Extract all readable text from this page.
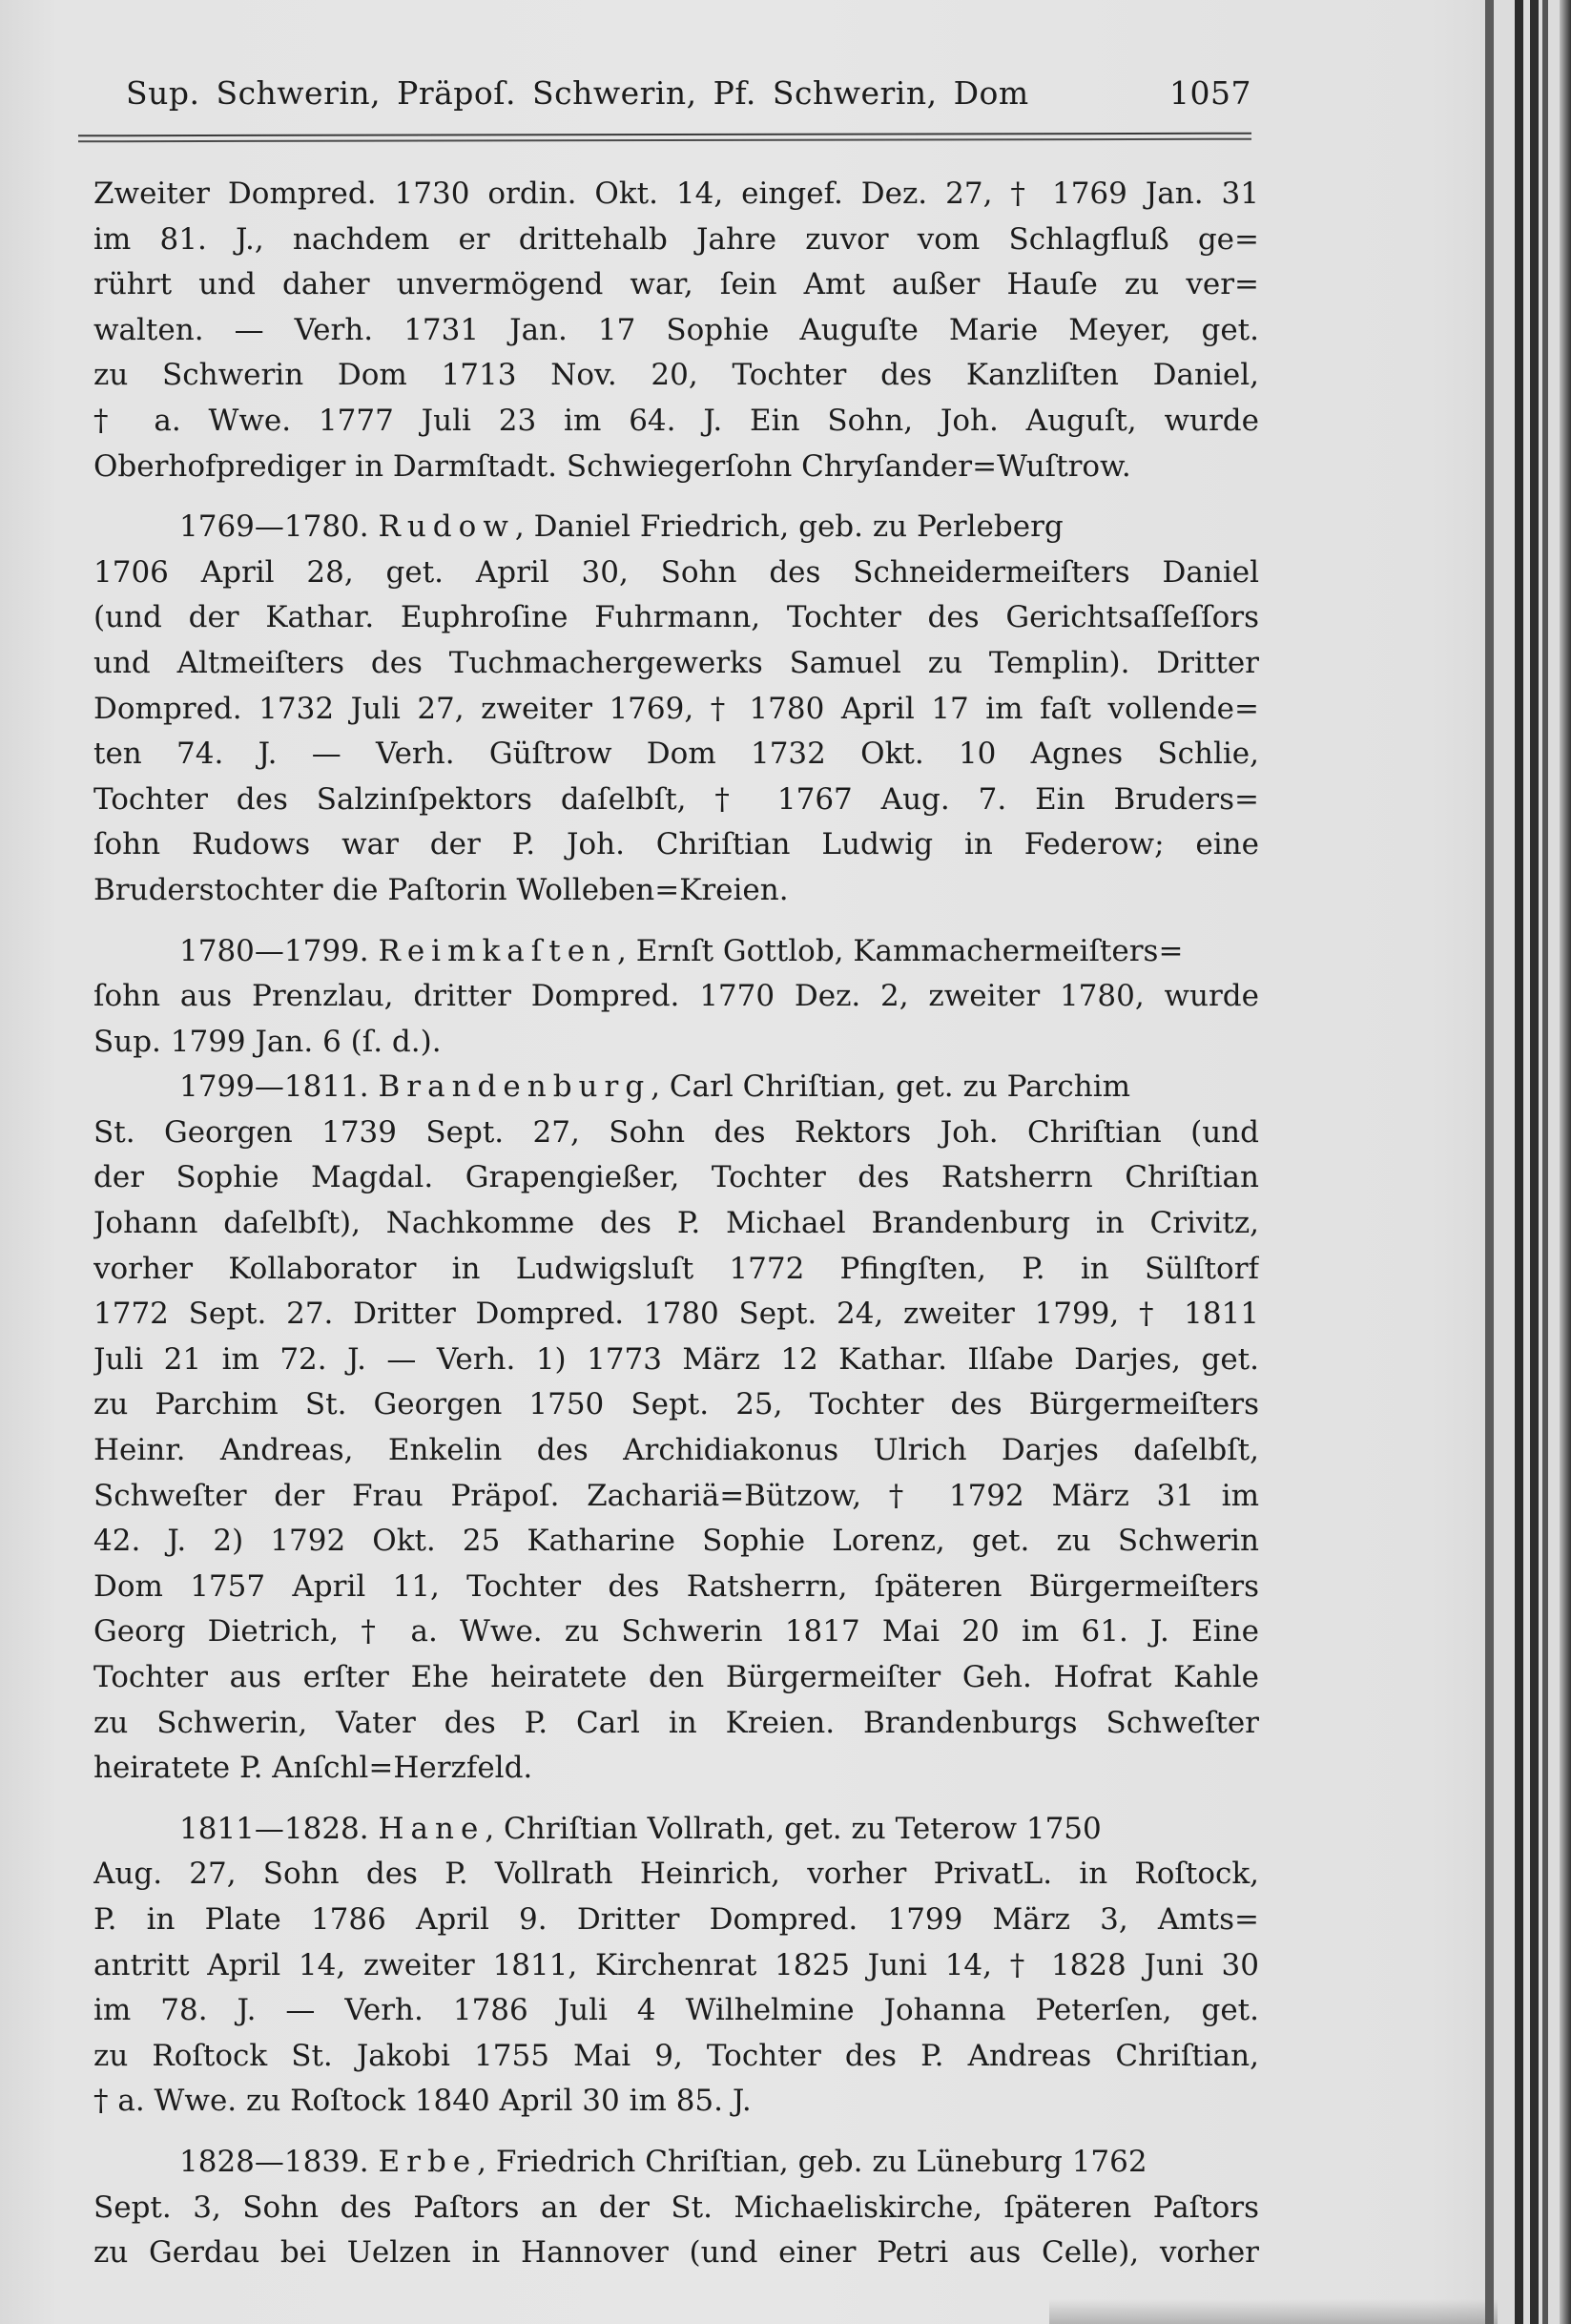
Sup. Schwerin, Präpoſ. Schwerin, Pf. Schwerin, Dom	1057
Zweiter Dompred. 1730 ordin. Okt. 14, eingef. Dez. 27, † 1769 Jan. 31
im 81. J., nachdem er drittehalb Jahre zuvor vom Schlagfluß ge=
rührt und daher unvermögend war, ſein Amt außer Hauſe zu ver=
walten. — Verh. 1731 Jan. 17 Sophie Auguſte Marie Meyer, get.
zu Schwerin Dom 1713 Nov. 20, Tochter des Kanzliſten Daniel,
† a. Wwe. 1777 Juli 23 im 64. J. Ein Sohn, Joh. Auguſt, wurde
Oberhofprediger in Darmſtadt. Schwiegerſohn Chryſander=Wuſtrow.
1769—1780. Rudow, Daniel Friedrich, geb. zu Perleberg
1706 April 28, get. April 30, Sohn des Schneidermeiſters Daniel
(und der Kathar. Euphroſine Fuhrmann, Tochter des Gerichtsaſſeſſors
und Altmeiſters des Tuchmachergewerks Samuel zu Templin). Dritter
Dompred. 1732 Juli 27, zweiter 1769, † 1780 April 17 im faſt vollende=
ten 74. J. — Verh. Güſtrow Dom 1732 Okt. 10 Agnes Schlie,
Tochter des Salzinſpektors daſelbſt, † 1767 Aug. 7. Ein Bruders=
ſohn Rudows war der P. Joh. Chriſtian Ludwig in Federow; eine
Bruderstochter die Paſtorin Wolleben=Kreien.
1780—1799. Reimkaſten, Ernſt Gottlob, Kammachermeiſters=
ſohn aus Prenzlau, dritter Dompred. 1770 Dez. 2, zweiter 1780, wurde
Sup. 1799 Jan. 6 (ſ. d.).
1799—1811. Brandenburg, Carl Chriſtian, get. zu Parchim
St. Georgen 1739 Sept. 27, Sohn des Rektors Joh. Chriſtian (und
der Sophie Magdal. Grapengießer, Tochter des Ratsherrn Chriſtian
Johann daſelbſt), Nachkomme des P. Michael Brandenburg in Crivitz,
vorher Kollaborator in Ludwigsluſt 1772 Pfingſten, P. in Sülſtorf
1772 Sept. 27. Dritter Dompred. 1780 Sept. 24, zweiter 1799, † 1811
Juli 21 im 72. J. — Verh. 1) 1773 März 12 Kathar. Ilſabe Darjes, get.
zu Parchim St. Georgen 1750 Sept. 25, Tochter des Bürgermeiſters
Heinr. Andreas, Enkelin des Archidiakonus Ulrich Darjes daſelbſt,
Schweſter der Frau Präpoſ. Zachariä=Bützow, † 1792 März 31 im
42. J. 2) 1792 Okt. 25 Katharine Sophie Lorenz, get. zu Schwerin
Dom 1757 April 11, Tochter des Ratsherrn, ſpäteren Bürgermeiſters
Georg Dietrich, † a. Wwe. zu Schwerin 1817 Mai 20 im 61. J. Eine
Tochter aus erſter Ehe heiratete den Bürgermeiſter Geh. Hofrat Kahle
zu Schwerin, Vater des P. Carl in Kreien. Brandenburgs Schweſter
heiratete P. Anſchl=Herzfeld.
1811—1828. Hane, Chriſtian Vollrath, get. zu Teterow 1750
Aug. 27, Sohn des P. Vollrath Heinrich, vorher PrivatL. in Roſtock,
P. in Plate 1786 April 9. Dritter Dompred. 1799 März 3, Amts=
antritt April 14, zweiter 1811, Kirchenrat 1825 Juni 14, † 1828 Juni 30
im 78. J. — Verh. 1786 Juli 4 Wilhelmine Johanna Peterſen, get.
zu Roſtock St. Jakobi 1755 Mai 9, Tochter des P. Andreas Chriſtian,
† a. Wwe. zu Roſtock 1840 April 30 im 85. J.
1828—1839. Erbe, Friedrich Chriſtian, geb. zu Lüneburg 1762
Sept. 3, Sohn des Paſtors an der St. Michaeliskirche, ſpäteren Paſtors
zu Gerdau bei Uelzen in Hannover (und einer Petri aus Celle), vorher
